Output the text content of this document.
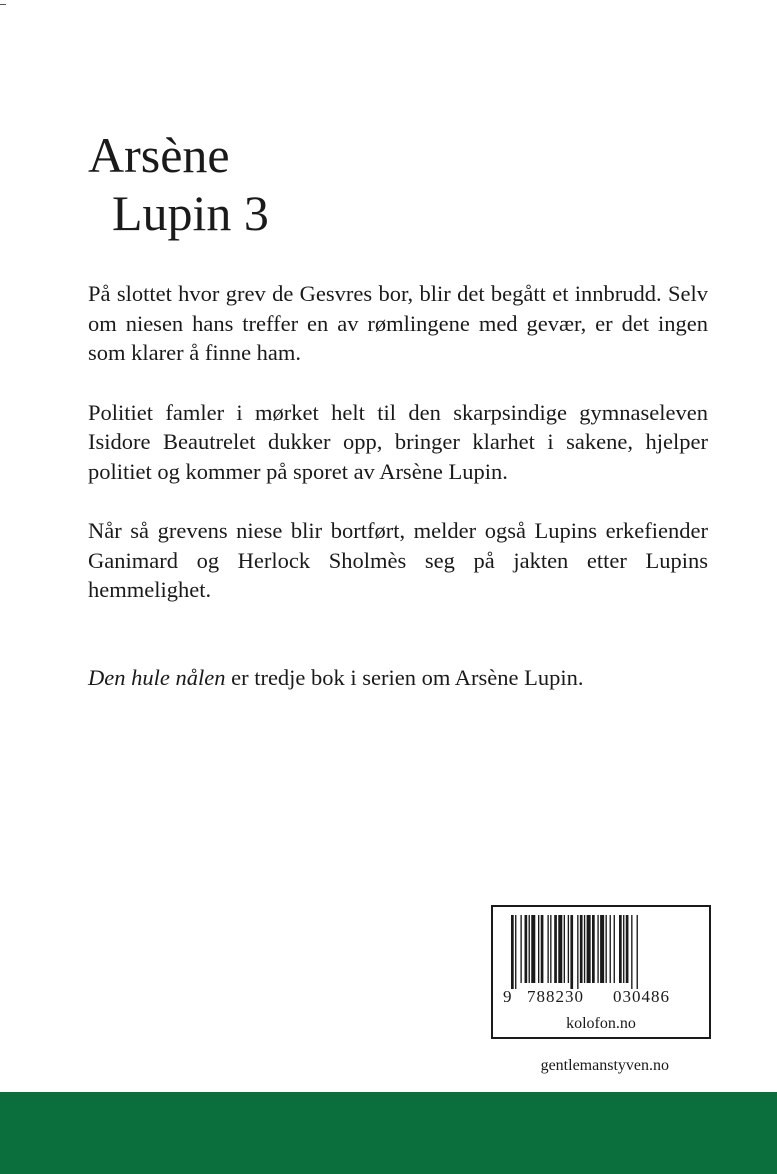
Arsène
Lupin 3

På slottet hvor grev de Gesvres bor, blir det begått et innbrudd. Selv om niesen hans treffer en av rømlingene med gevær, er det ingen som klarer å finne ham.

Politiet famler i mørket helt til den skarpsindige gymnaseleven Isidore Beautrelet dukker opp, bringer klarhet i sakene, hjelper politiet og kommer på sporet av Arsène Lupin.

Når så grevens niese blir bortført, melder også Lupins erkefiender Ganimard og Herlock Sholmès seg på jakten etter Lupins hemmelighet.

Den hule nålen er tredje bok i serien om Arsène Lupin.

9 788230 030486
kolofon.no
gentlemanstyven.no
